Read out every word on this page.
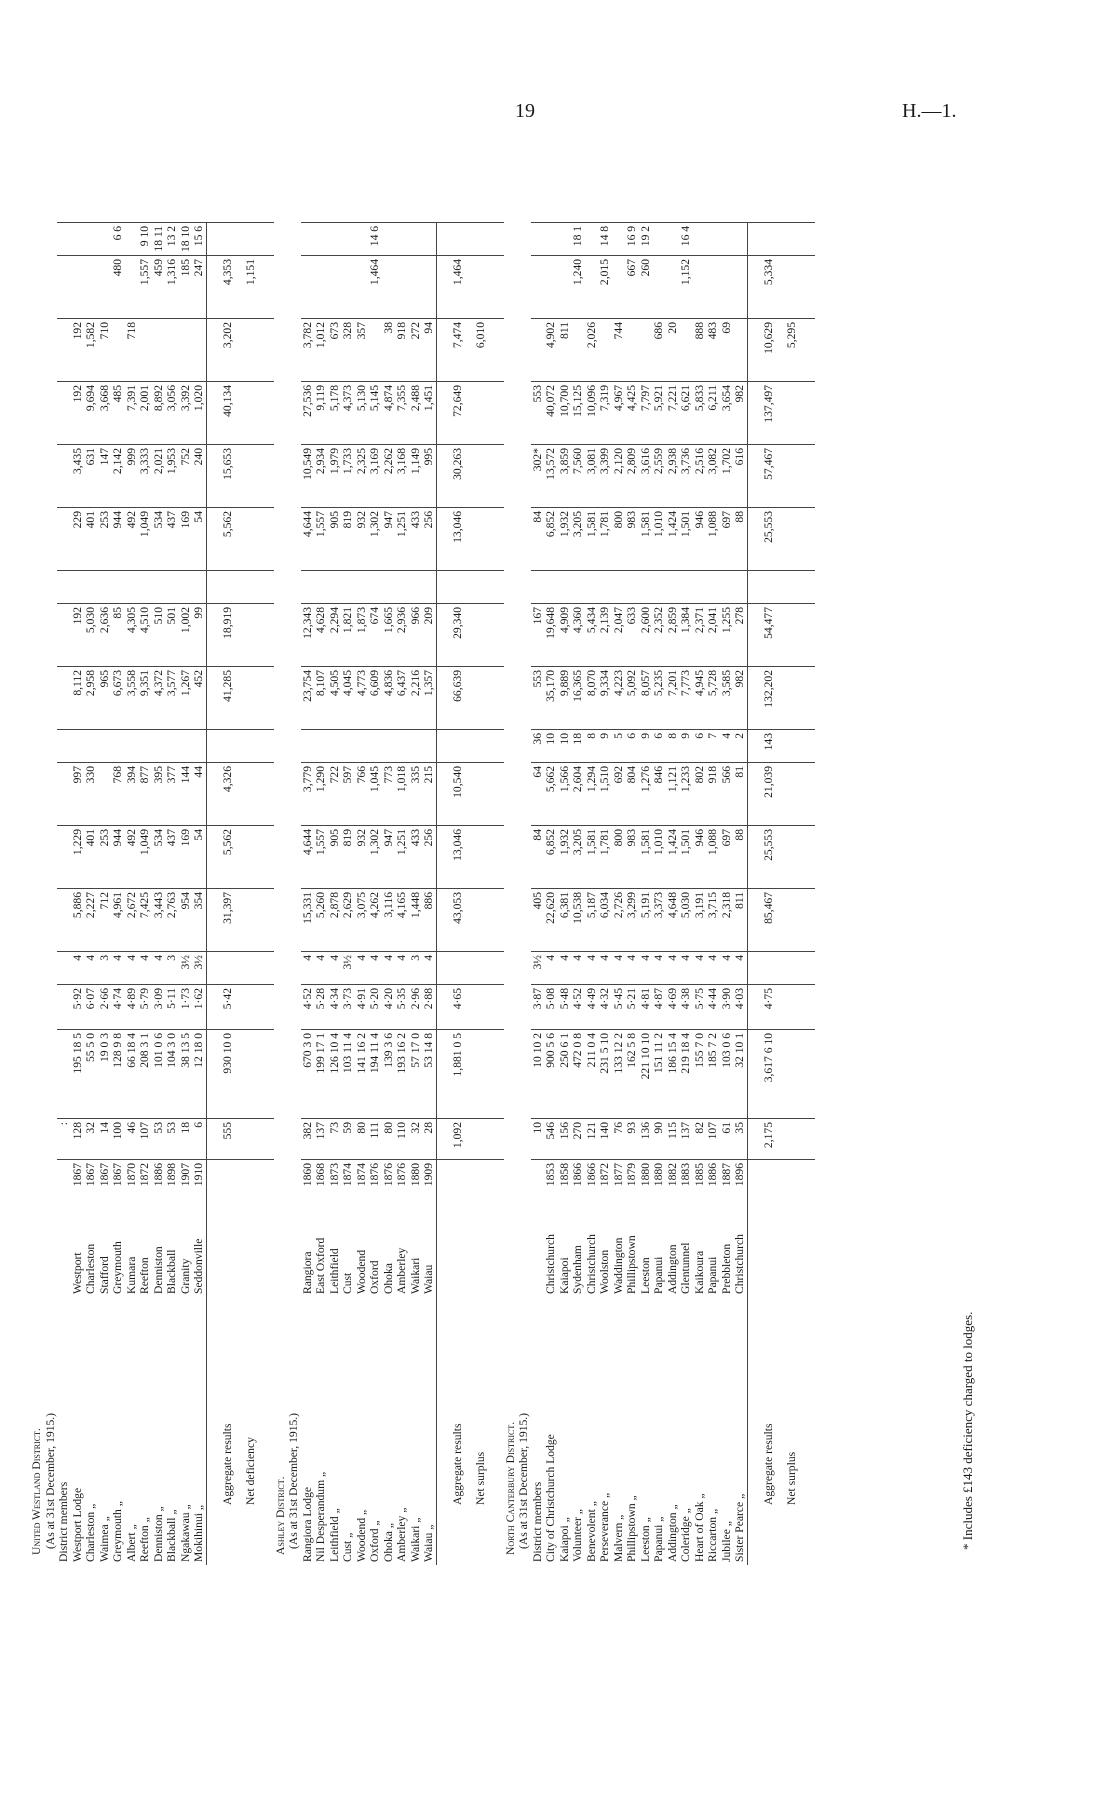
19	H.—1.
United Westland District.																			
(As at 31st December, 1915.)																			
District members			:																
Westport Lodge	Westport	1867	128	195 18 5	5·92	4	5,886	1,229	997		8,112	192		229	3,435	192	192		
Charleston „	Charleston	1867	32	55 5 0	6·07	4	2,227	401	330		2,958	5,030		401	631	9,694	1,582		
Waimea „	Stafford	1867	14	19 0 3	2·66	3	712	253			965	2,636		253	147	3,668	710		
Greymouth „	Greymouth	1867	100	128 9 8	4·74	4	4,961	944	768		6,673	85		944	2,142	485		480	6 6
Albert „	Kumara	1870	46	66 18 4	4·89	4	2,672	492	394		3,558	4,305		492	999	7,391	718		
Reefton „	Reefton	1872	107	208 3 1	5·79	4	7,425	1,049	877		9,351	4,510		1,049	3,333	2,001		1,557	9 10
Denniston „	Denniston	1886	53	101 0 6	3·09	4	3,443	534	395		4,372	510		534	2,021	8,892		459	18 11
Blackball „	Blackball	1898	53	104 3 0	5·11	3	2,763	437	377		3,577	501		437	1,953	3,056		1,316	13 2
Ngakawau „	Granity	1907	18	38 13 5	1·73	3½	954	169	144		1,267	1,002		169	752	3,392		185	18 10
Mokihinui „	Seddonville	1910	6	12 18 0	1·62	3½	354	54	44		452	99		54	240	1,020		247	15 6
Aggregate results			555	930 10 0	5·42		31,397	5,562	4,326		41,285	18,919		5,562	15,653	40,134	3,202	4,353	
Net deficiency																		1,151	
Ashley District.																			
(As at 31st December, 1915.)																			
Rangiora Lodge	Rangiora	1860	382	670 3 0	4·52	4	15,331	4,644	3,779		23,754	12,343		4,644	10,549	27,536	3,782		
Nil Desperandum „	East Oxford	1868	137	199 17 1	5·28	4	5,260	1,557	1,290		8,107	4,628		1,557	2,934	9,119	1,012		
Leithfield „	Leithfield	1873	73	126 10 4	4·34	4	2,878	905	722		4,505	2,294		905	1,979	5,178	673		
Cust „	Cust	1874	59	103 11 4	3·73	3½	2,629	819	597		4,045	1,821		819	1,733	4,373	328		
Woodend „	Woodend	1874	80	141 16 2	4·91	4	3,075	932	766		4,773	1,873		932	2,325	5,130	357		
Oxford „	Oxford	1876	111	194 11 4	5·20	4	4,262	1,302	1,045		6,609	674		1,302	3,169	5,145		1,464	14 6
Ohoka „	Ohoka	1876	80	139 3 6	4·20	4	3,116	947	773		4,836	1,665		947	2,262	4,874	38		
Amberley „	Amberley	1876	110	193 16 2	5·35	4	4,165	1,251	1,018		6,437	2,936		1,251	3,168	7,355	918		
Waikari „	Waikari	1880	32	57 17 0	2·96	3	1,448	433	335		2,216	966		433	1,149	2,488	272		
Waiau „	Waiau	1909	28	53 14 8	2·88	4	886	256	215		1,357	209		256	995	1,451	94		
Aggregate results			1,092	1,881 0 5	4·65		43,053	13,046	10,540		66,639	29,340		13,046	30,263	72,649	7,474	1,464	
Net surplus																	6,010		
North Canterbury District.																			
(As at 31st December, 1915.)																			
District members			10	10 10 2	3·87	3½	405	84	64	36	553	167		84	302*	553			
City of Christchurch Lodge	Christchurch	1853	546	900 5 6	5·08	4	22,620	6,852	5,662	10	35,170	19,648		6,852	13,572	40,072	4,902		
Kaiapoi „	Kaiapoi	1858	156	250 6 1	5·48	4	6,381	1,932	1,566	10	9,889	4,909		1,932	3,859	10,700	811		
Volunteer „	Sydenham	1866	270	472 0 8	4·52	4	10,538	3,205	2,604	18	16,365	4,360		3,205	7,560	15,125		1,240	18 1
Benevolent „	Christchurch	1866	121	211 0 4	4·49	4	5,187	1,581	1,294	8	8,070	5,434		1,581	3,081	10,096	2,026		
Perseverance „	Woolston	1872	140	231 5 10	4·32	4	6,034	1,781	1,510	9	9,334	2,139		1,781	3,399	7,319		2,015	14 8
Malvern „	Waddington	1877	76	133 12 2	5·45	4	2,726	800	692	5	4,223	2,047		800	2,120	4,967	744		
Phillipstown „	Phillipstown	1879	93	162 5 8	5·21	4	3,299	983	804	6	5,092	633		983	2,809	4,425		667	16 9
Leeston „	Leeston	1880	136	221 10 10	4·81	4	5,191	1,581	1,276	9	8,057	2,600		1,581	3,616	7,797		260	19 2
Papanui „	Papanui	1880	90	151 11 2	4·87	4	3,373	1,010	846	6	5,235	2,352		1,010	2,559	5,921	686		
Addington „	Addington	1882	115	186 15 4	4·69	4	4,648	1,424	1,121	8	7,201	2,859		1,424	2,938	7,221	20		
Coleridge „	Glentunnel	1883	137	219 18 4	4·38	4	5,030	1,501	1,233	9	7,773	1,384		1,501	3,736	6,621		1,152	16 4
Heart of Oak „	Kaikoura	1885	82	155 7 0	5·75	4	3,191	946	802	6	4,945	2,371		946	2,516	5,833	888		
Riccarton „	Papanui	1886	107	185 7 2	4·44	4	3,715	1,088	918	7	5,728	2,041		1,088	3,082	6,211	483		
Jubilee „	Prebbleton	1887	61	103 0 6	3·90	4	2,318	697	566	4	3,585	1,255		697	1,702	3,654	69		
Sister Pearce „	Christchurch	1896	35	32 10 1	4·03	4	811	88	81	2	982	278		88	616	982			
Aggregate results			2,175	3,617 6 10	4·75		85,467	25,553	21,039	143	132,202	54,477		25,553	57,467	137,497	10,629	5,334	
Net surplus																	5,295		
* Includes £143 deficiency charged to lodges.
